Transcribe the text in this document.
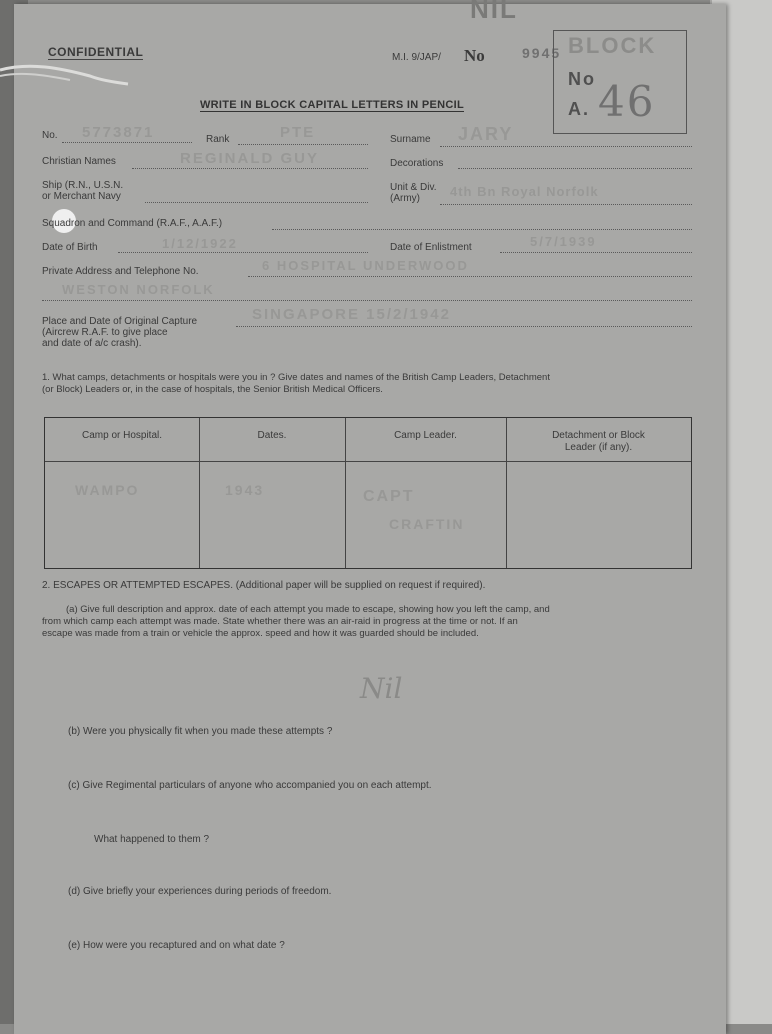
NIL
CONFIDENTIAL	M.I. 9/JAP/ No	9945 BLOCK
No
A. 46
WRITE IN BLOCK CAPITAL LETTERS IN PENCIL
No. 5773871	Rank	PTE	Surname JARY
Christian Names	REGINALD GUY	Decorations
Ship (R.N., U.S.N.
or Merchant Navy
Unit & Div.
(Army) 4th Bn Royal Norfolk
Squadron and Command (R.A.F., A.A.F.)
Date of Birth	1/12/1922	Date of Enlistment	5/7/1939
Private Address and Telephone No.	6 HOSPITAL UNDERWOOD
WESTON NORFOLK
Place and Date of Original Capture
(Aircrew R.A.F. to give place
and date of a/c crash).
SINGAPORE 15/2/1942
1. What camps, detachments or hospitals were you in ? Give dates and names of the British Camp Leaders, Detachment
(or Block) Leaders or, in the case of hospitals, the Senior British Medical Officers.
Camp or Hospital.	Dates.	Camp Leader.	Detachment or Block
Leader (if any).
WAMPO	1943	CAPT
CRAFTIN
2. ESCAPES OR ATTEMPTED ESCAPES. (Additional paper will be supplied on request if required).
(a) Give full description and approx. date of each attempt you made to escape, showing how you left the camp, and
from which camp each attempt was made. State whether there was an air-raid in progress at the time or not. If an
escape was made from a train or vehicle the approx. speed and how it was guarded should be included.
Nil
(b) Were you physically fit when you made these attempts ?
(c) Give Regimental particulars of anyone who accompanied you on each attempt.
What happened to them ?
(d) Give briefly your experiences during periods of freedom.
(e) How were you recaptured and on what date ?
